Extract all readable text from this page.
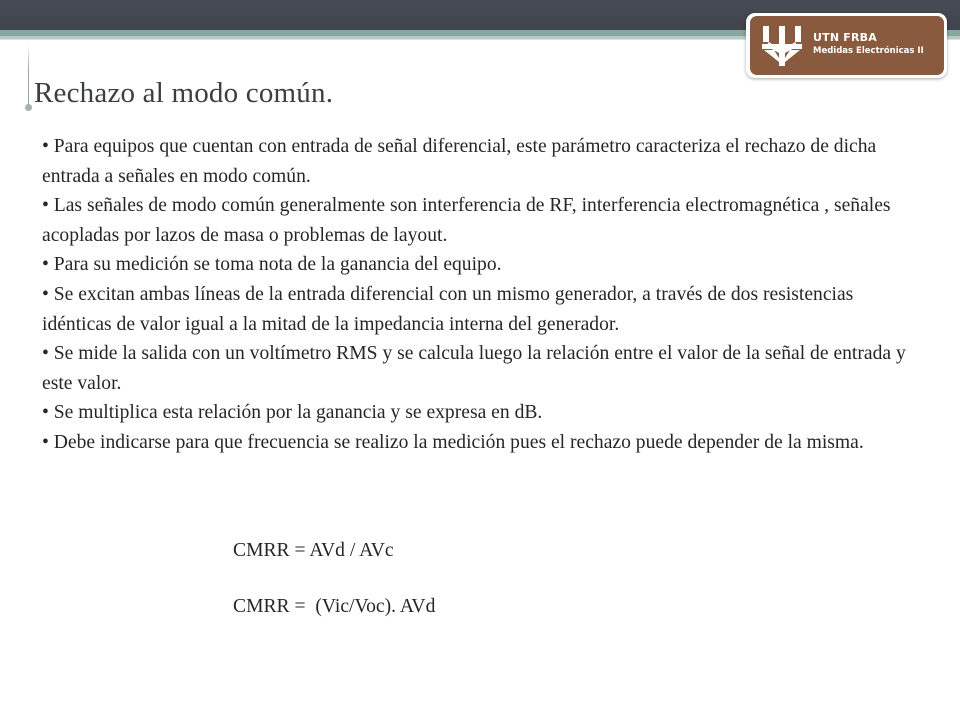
UTN FRBA
Medidas Electrónicas II
Rechazo al modo común.

• Para equipos que cuentan con entrada de señal diferencial, este parámetro caracteriza el rechazo de dicha entrada a señales en modo común.

• Las señales de modo común generalmente son interferencia de RF, interferencia electromagnética , señales acopladas por lazos de masa o problemas de layout.

• Para su medición se toma nota de la ganancia del equipo.

• Se excitan ambas líneas de la entrada diferencial con un mismo generador, a través de dos resistencias idénticas de valor igual a la mitad de la impedancia interna del generador.

• Se mide la salida con un voltímetro RMS y se calcula luego la relación entre el valor de la señal de entrada y este valor.

• Se multiplica esta relación por la ganancia y se expresa en dB.

• Debe indicarse para que frecuencia se realizo la medición pues el rechazo puede depender de la misma.

CMRR = AVd / AVc
CMRR =  (Vic/Voc). AVd
